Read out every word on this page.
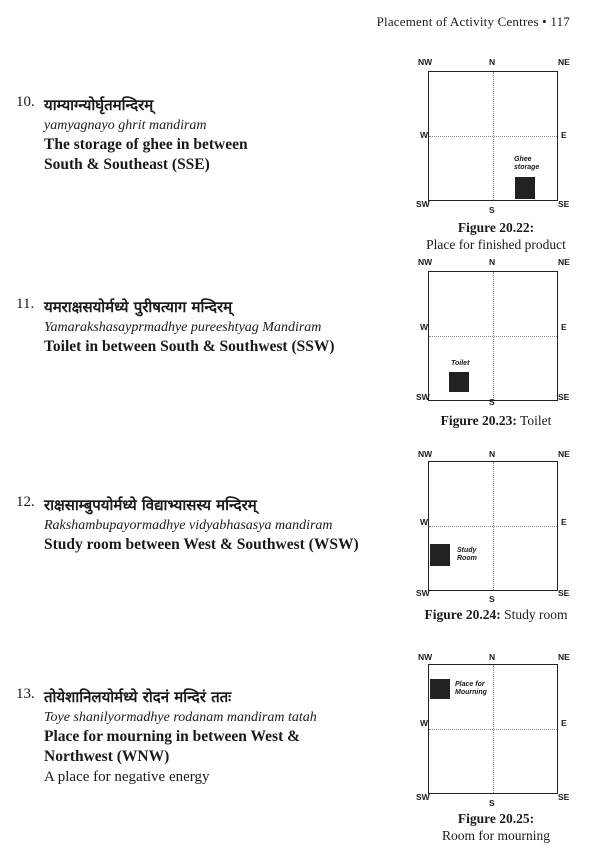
Placement of Activity Centres • 117
10. याम्याग्न्योर्घृतमन्दिरम्
yamyagnayo ghrit mandiram
The storage of ghee in between
South & Southeast (SSE)
11. यमराक्षसयोर्मध्ये पुरीषत्याग मन्दिरम्
Yamarakshasayprmadhye pureeshtyag Mandiram
Toilet in between South & Southwest (SSW)
12. राक्षसाम्बुपयोर्मध्ये विद्याभ्यासस्य मन्दिरम्
Rakshambupayormadhye vidyabhasasya mandiram
Study room between West & Southwest (WSW)
13. तोयेशानिलयोर्मध्ये रोदनं मन्दिरं ततः
Toye shanilyormadhye rodanam mandiram tatah
Place for mourning in between West &
Northwest (WNW)
A place for negative energy
NW	N	NE
Ghee
storage
W	E
SW
S
SE
Figure 20.22:
Place for finished product
NW	N	NE
Toilet
W	E
SW	S	SE
Figure 20.23: Toilet
NW	N	NE
Study
Room
W	E
SW
S
SE
Figure 20.24: Study room
NW	N	NE
Place for
Mourning
W	E
SW
S
SE
Figure 20.25:
Room for mourning
